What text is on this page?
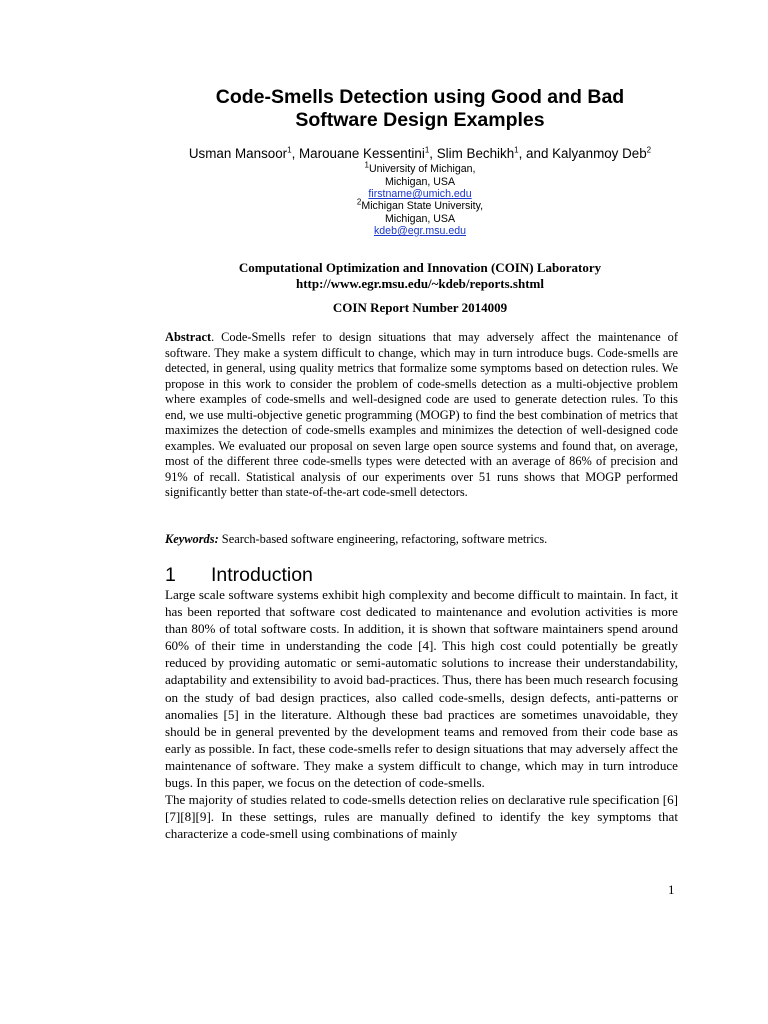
Code-Smells Detection using Good and Bad
Software Design Examples
Usman Mansoor$^1$, Marouane Kessentini$^1$, Slim Bechikh$^1$, and Kalyanmoy Deb$^2$
$^1$University of Michigan,
Michigan, USA
firstname@umich.edu
$^2$Michigan State University,
Michigan, USA
kdeb@egr.msu.edu
Computational Optimization and Innovation (COIN) Laboratory
http://www.egr.msu.edu/~kdeb/reports.shtml
COIN Report Number 2014009
Abstract. Code-Smells refer to design situations that may adversely affect the maintenance of software. They make a system difficult to change, which may in turn introduce bugs. Code-smells are detected, in general, using quality metrics that formalize some symptoms based on detection rules. We propose in this work to consider the problem of code-smells detection as a multi-objective problem where examples of code-smells and well-designed code are used to generate detection rules. To this end, we use multi-objective genetic programming (MOGP) to find the best combination of metrics that maximizes the detection of code-smells examples and minimizes the detection of well-designed code examples. We evaluated our proposal on seven large open source systems and found that, on average, most of the different three code-smells types were detected with an average of 86% of precision and 91% of recall. Statistical analysis of our experiments over 51 runs shows that MOGP performed significantly better than state-of-the-art code-smell detectors.
Keywords: Search-based software engineering, refactoring, software metrics.
1 Introduction

Large scale software systems exhibit high complexity and become difficult to maintain. In fact, it has been reported that software cost dedicated to maintenance and evolution activities is more than 80% of total software costs. In addition, it is shown that software maintainers spend around 60% of their time in understanding the code [4]. This high cost could potentially be greatly reduced by providing automatic or semi-automatic solutions to increase their understandability, adaptability and extensibility to avoid bad-practices. Thus, there has been much research focusing on the study of bad design practices, also called code-smells, design defects, anti-patterns or anomalies [5] in the literature. Although these bad practices are sometimes unavoidable, they should be in general prevented by the development teams and removed from their code base as early as possible. In fact, these code-smells refer to design situations that may adversely affect the maintenance of software. They make a system difficult to change, which may in turn introduce bugs. In this paper, we focus on the detection of code-smells.

The majority of studies related to code-smells detection relies on declarative rule specification [6][7][8][9]. In these settings, rules are manually defined to identify the key symptoms that characterize a code-smell using combinations of mainly

1
